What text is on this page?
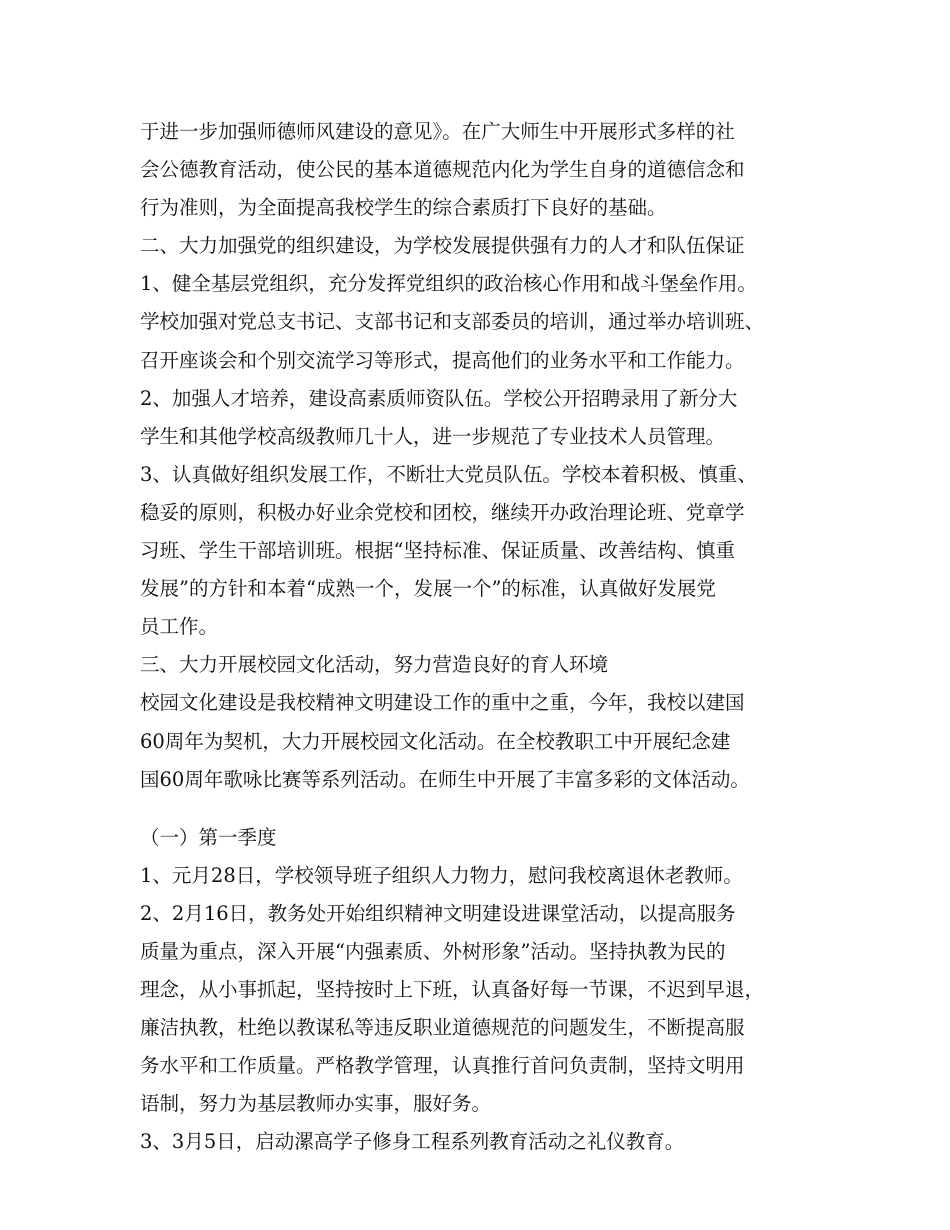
于进一步加强师德师风建设的意见》。在广大师生中开展形式多样的社
会公德教育活动，使公民的基本道德规范内化为学生自身的道德信念和
行为准则，为全面提高我校学生的综合素质打下良好的基础。
二、大力加强党的组织建设，为学校发展提供强有力的人才和队伍保证
1、健全基层党组织，充分发挥党组织的政治核心作用和战斗堡垒作用。
学校加强对党总支书记、支部书记和支部委员的培训，通过举办培训班、
召开座谈会和个别交流学习等形式，提高他们的业务水平和工作能力。
2、加强人才培养，建设高素质师资队伍。学校公开招聘录用了新分大
学生和其他学校高级教师几十人，进一步规范了专业技术人员管理。
3、认真做好组织发展工作，不断壮大党员队伍。学校本着积极、慎重、
稳妥的原则，积极办好业余党校和团校，继续开办政治理论班、党章学
习班、学生干部培训班。根据“坚持标准、保证质量、改善结构、慎重
发展”的方针和本着“成熟一个，发展一个”的标准，认真做好发展党
员工作。
三、大力开展校园文化活动，努力营造良好的育人环境
校园文化建设是我校精神文明建设工作的重中之重，今年，我校以建国
60周年为契机，大力开展校园文化活动。在全校教职工中开展纪念建
国60周年歌咏比赛等系列活动。在师生中开展了丰富多彩的文体活动。
（一）第一季度
1、元月28日，学校领导班子组织人力物力，慰问我校离退休老教师。
2、2月16日，教务处开始组织精神文明建设进课堂活动，以提高服务
质量为重点，深入开展“内强素质、外树形象”活动。坚持执教为民的
理念，从小事抓起，坚持按时上下班，认真备好每一节课，不迟到早退，
廉洁执教，杜绝以教谋私等违反职业道德规范的问题发生，不断提高服
务水平和工作质量。严格教学管理，认真推行首问负责制，坚持文明用
语制，努力为基层教师办实事，服好务。
3、3月5日，启动漯高学子修身工程系列教育活动之礼仪教育。
